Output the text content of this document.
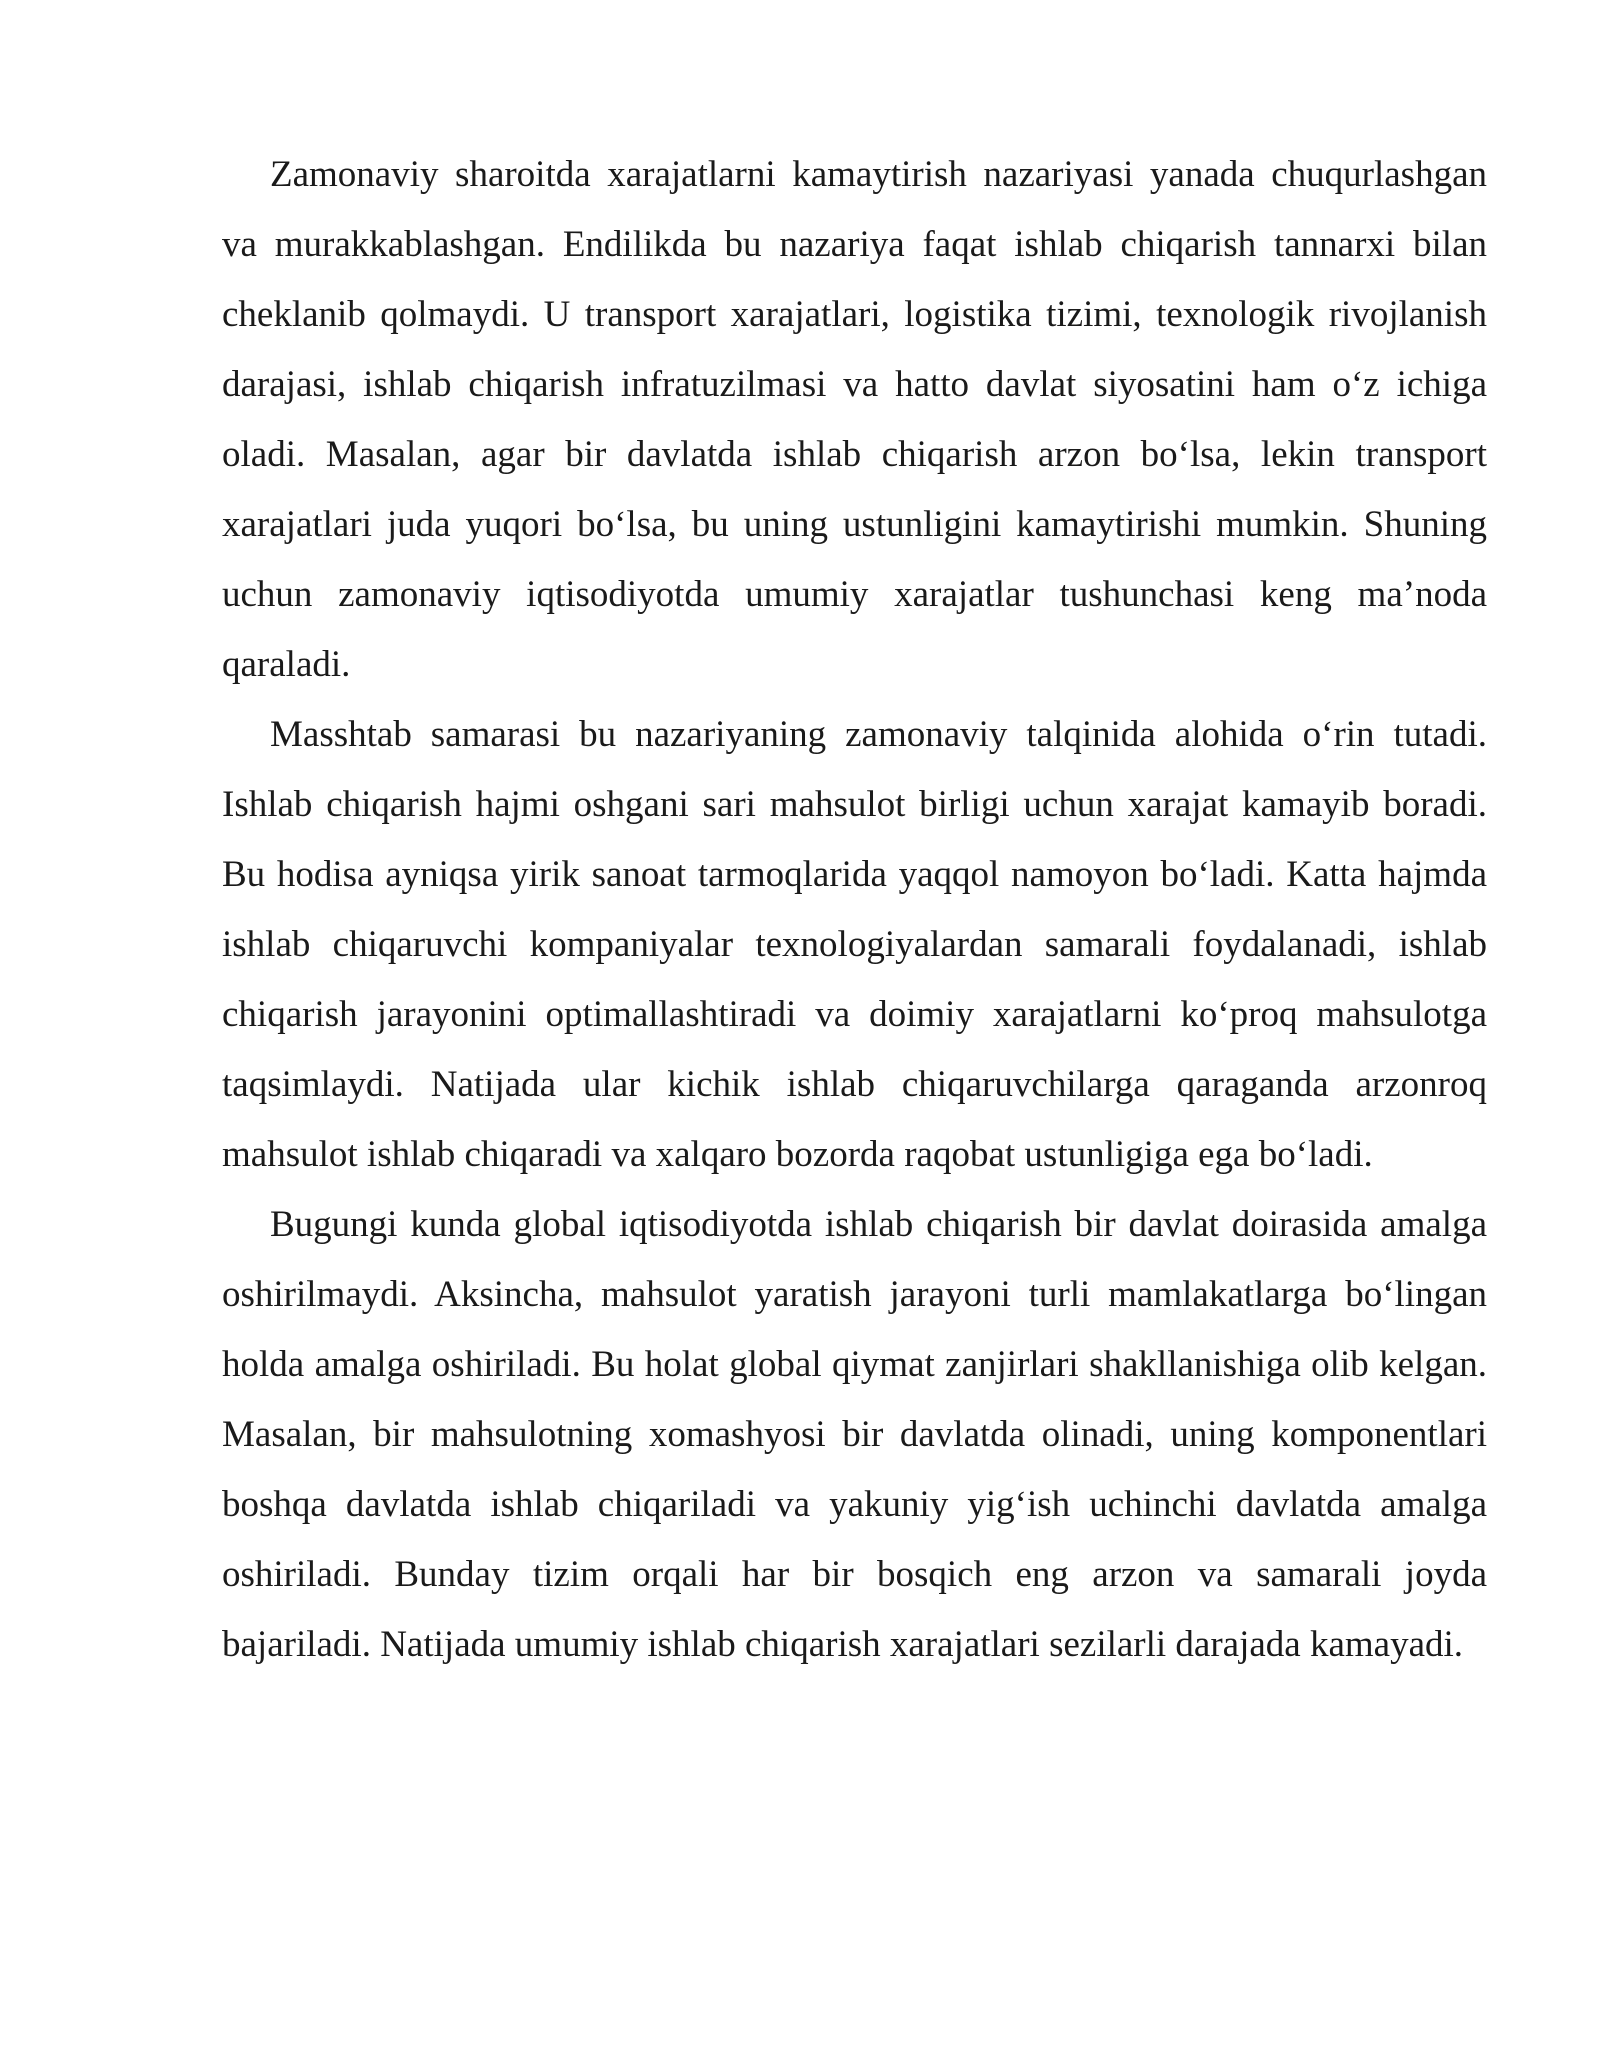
Zamonaviy sharoitda xarajatlarni kamaytirish nazariyasi yanada chuqurlashgan va murakkablashgan. Endilikda bu nazariya faqat ishlab chiqarish tannarxi bilan cheklanib qolmaydi. U transport xarajatlari, logistika tizimi, texnologik rivojlanish darajasi, ishlab chiqarish infratuzilmasi va hatto davlat siyosatini ham o‘z ichiga oladi. Masalan, agar bir davlatda ishlab chiqarish arzon bo‘lsa, lekin transport xarajatlari juda yuqori bo‘lsa, bu uning ustunligini kamaytirishi mumkin. Shuning uchun zamonaviy iqtisodiyotda umumiy xarajatlar tushunchasi keng ma’noda qaraladi.

Masshtab samarasi bu nazariyaning zamonaviy talqinida alohida o‘rin tutadi. Ishlab chiqarish hajmi oshgani sari mahsulot birligi uchun xarajat kamayib boradi. Bu hodisa ayniqsa yirik sanoat tarmoqlarida yaqqol namoyon bo‘ladi. Katta hajmda ishlab chiqaruvchi kompaniyalar texnologiyalardan samarali foydalanadi, ishlab chiqarish jarayonini optimallashtiradi va doimiy xarajatlarni ko‘proq mahsulotga taqsimlaydi. Natijada ular kichik ishlab chiqaruvchilarga qaraganda arzonroq mahsulot ishlab chiqaradi va xalqaro bozorda raqobat ustunligiga ega bo‘ladi.

Bugungi kunda global iqtisodiyotda ishlab chiqarish bir davlat doirasida amalga oshirilmaydi. Aksincha, mahsulot yaratish jarayoni turli mamlakatlarga bo‘lingan holda amalga oshiriladi. Bu holat global qiymat zanjirlari shakllanishiga olib kelgan. Masalan, bir mahsulotning xomashyosi bir davlatda olinadi, uning komponentlari boshqa davlatda ishlab chiqariladi va yakuniy yig‘ish uchinchi davlatda amalga oshiriladi. Bunday tizim orqali har bir bosqich eng arzon va samarali joyda bajariladi. Natijada umumiy ishlab chiqarish xarajatlari sezilarli darajada kamayadi.
